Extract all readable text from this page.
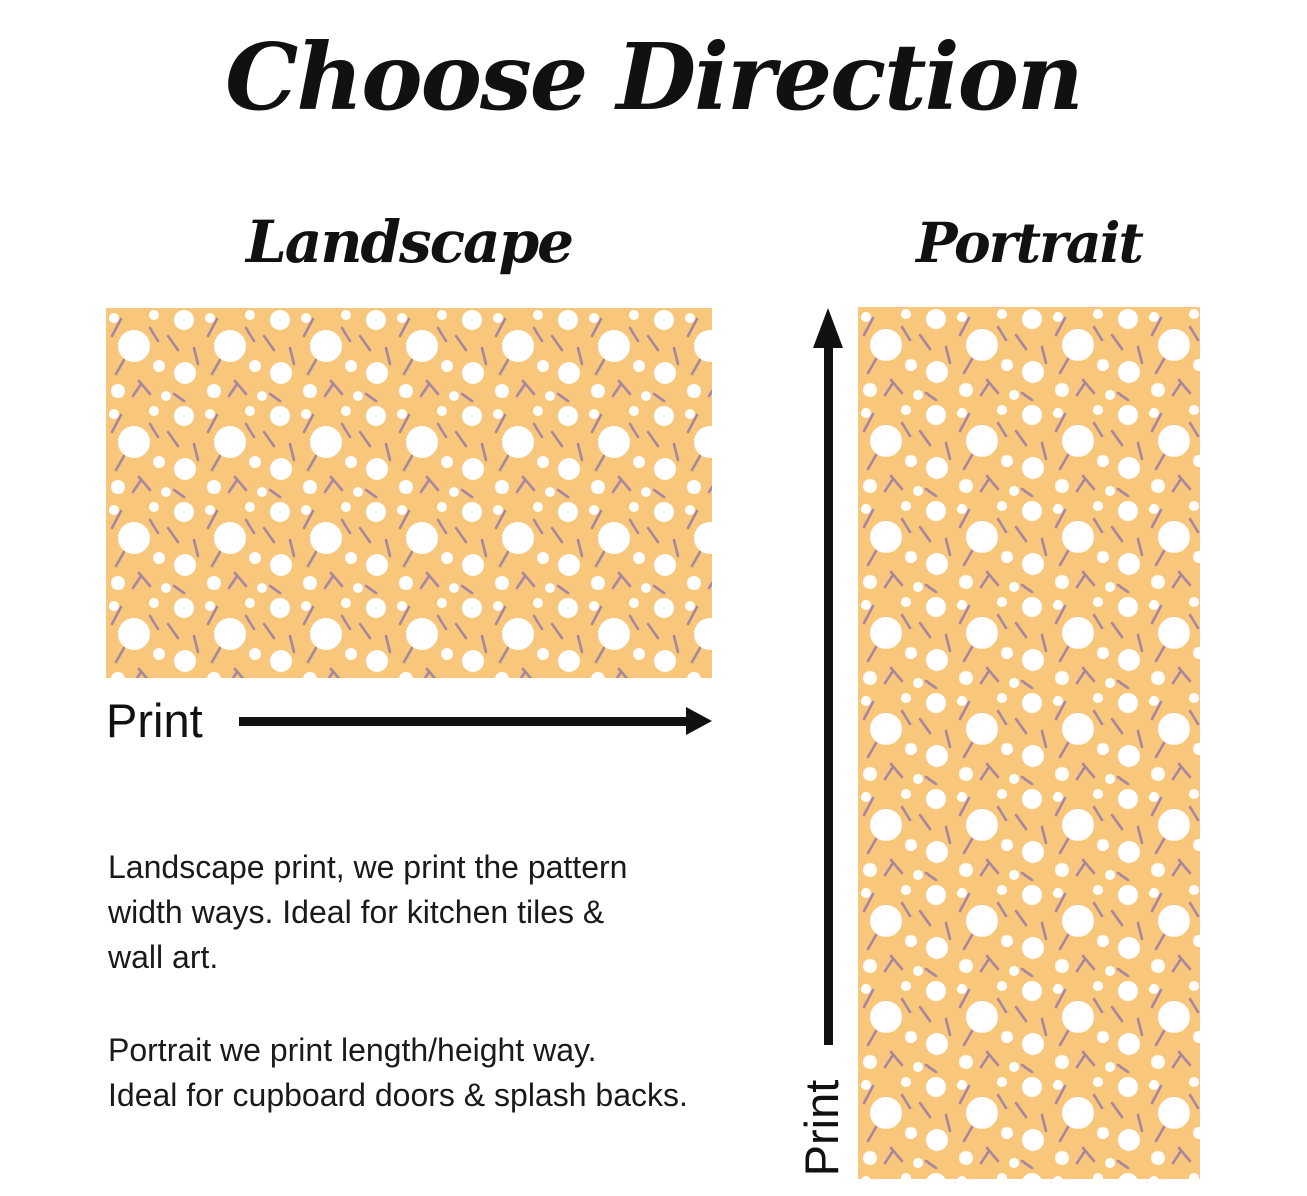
Choose Direction
Landscape	Portrait
Print
Print
Landscape print, we print the pattern
width ways. Ideal for kitchen tiles &
wall art.
Portrait we print length/height way.
Ideal for cupboard doors & splash backs.
